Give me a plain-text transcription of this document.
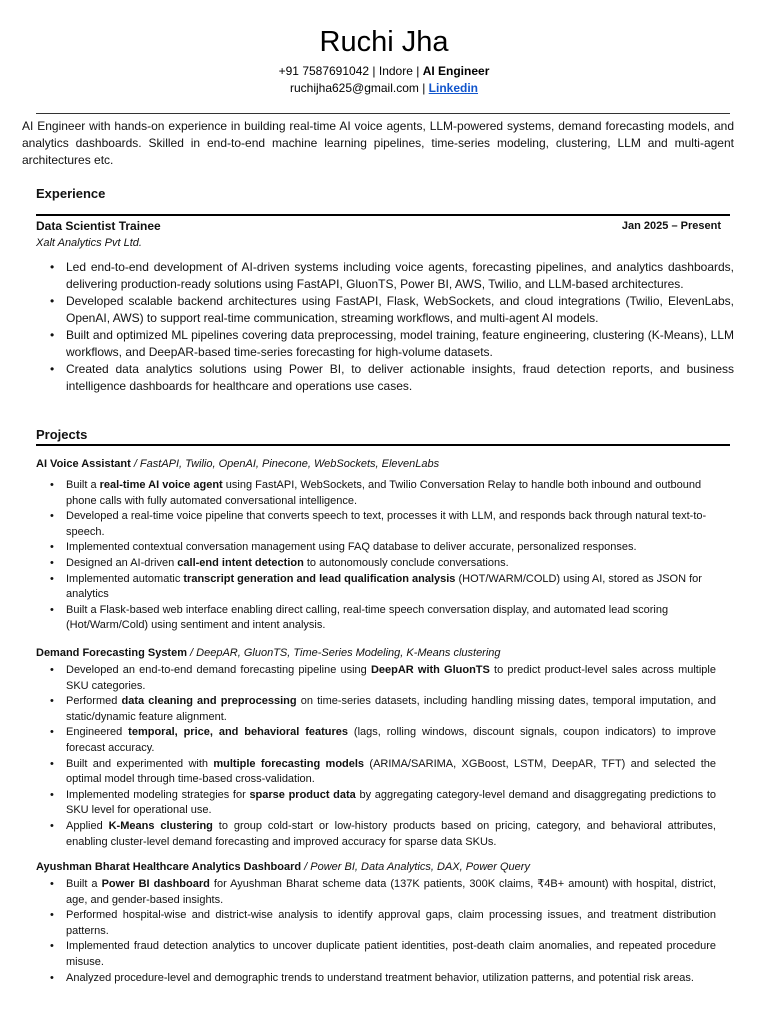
Ruchi Jha
+91 7587691042 | Indore | AI Engineer
ruchijha625@gmail.com | Linkedin
AI Engineer with hands-on experience in building real-time AI voice agents, LLM-powered systems, demand forecasting models, and analytics dashboards. Skilled in end-to-end machine learning pipelines, time-series modeling, clustering, LLM and multi-agent architectures etc.
Experience
Data Scientist Trainee	Jan 2025 – Present
Xalt Analytics Pvt Ltd.
• Led end-to-end development of AI-driven systems including voice agents, forecasting pipelines, and analytics dashboards, delivering production-ready solutions using FastAPI, GluonTS, Power BI, AWS, Twilio, and LLM-based architectures.
• Developed scalable backend architectures using FastAPI, Flask, WebSockets, and cloud integrations (Twilio, ElevenLabs, OpenAI, AWS) to support real-time communication, streaming workflows, and multi-agent AI models.
• Built and optimized ML pipelines covering data preprocessing, model training, feature engineering, clustering (K-Means), LLM workflows, and DeepAR-based time-series forecasting for high-volume datasets.
• Created data analytics solutions using Power BI, to deliver actionable insights, fraud detection reports, and business intelligence dashboards for healthcare and operations use cases.
Projects
AI Voice Assistant / FastAPI, Twilio, OpenAI, Pinecone, WebSockets, ElevenLabs
• Built a real-time AI voice agent using FastAPI, WebSockets, and Twilio Conversation Relay to handle both inbound and outbound phone calls with fully automated conversational intelligence.
• Developed a real-time voice pipeline that converts speech to text, processes it with LLM, and responds back through natural text-to-speech.
• Implemented contextual conversation management using FAQ database to deliver accurate, personalized responses.
• Designed an AI-driven call-end intent detection to autonomously conclude conversations.
• Implemented automatic transcript generation and lead qualification analysis (HOT/WARM/COLD) using AI, stored as JSON for analytics
• Built a Flask-based web interface enabling direct calling, real-time speech conversation display, and automated lead scoring (Hot/Warm/Cold) using sentiment and intent analysis.
Demand Forecasting System / DeepAR, GluonTS, Time-Series Modeling, K-Means clustering
• Developed an end-to-end demand forecasting pipeline using DeepAR with GluonTS to predict product-level sales across multiple SKU categories.
• Performed data cleaning and preprocessing on time-series datasets, including handling missing dates, temporal imputation, and static/dynamic feature alignment.
• Engineered temporal, price, and behavioral features (lags, rolling windows, discount signals, coupon indicators) to improve forecast accuracy.
• Built and experimented with multiple forecasting models (ARIMA/SARIMA, XGBoost, LSTM, DeepAR, TFT) and selected the optimal model through time-based cross-validation.
• Implemented modeling strategies for sparse product data by aggregating category-level demand and disaggregating predictions to SKU level for operational use.
• Applied K-Means clustering to group cold-start or low-history products based on pricing, category, and behavioral attributes, enabling cluster-level demand forecasting and improved accuracy for sparse data SKUs.
Ayushman Bharat Healthcare Analytics Dashboard / Power BI, Data Analytics, DAX, Power Query
• Built a Power BI dashboard for Ayushman Bharat scheme data (137K patients, 300K claims, ₹4B+ amount) with hospital, district, age, and gender-based insights.
• Performed hospital-wise and district-wise analysis to identify approval gaps, claim processing issues, and treatment distribution patterns.
• Implemented fraud detection analytics to uncover duplicate patient identities, post-death claim anomalies, and repeated procedure misuse.
• Analyzed procedure-level and demographic trends to understand treatment behavior, utilization patterns, and potential risk areas.
